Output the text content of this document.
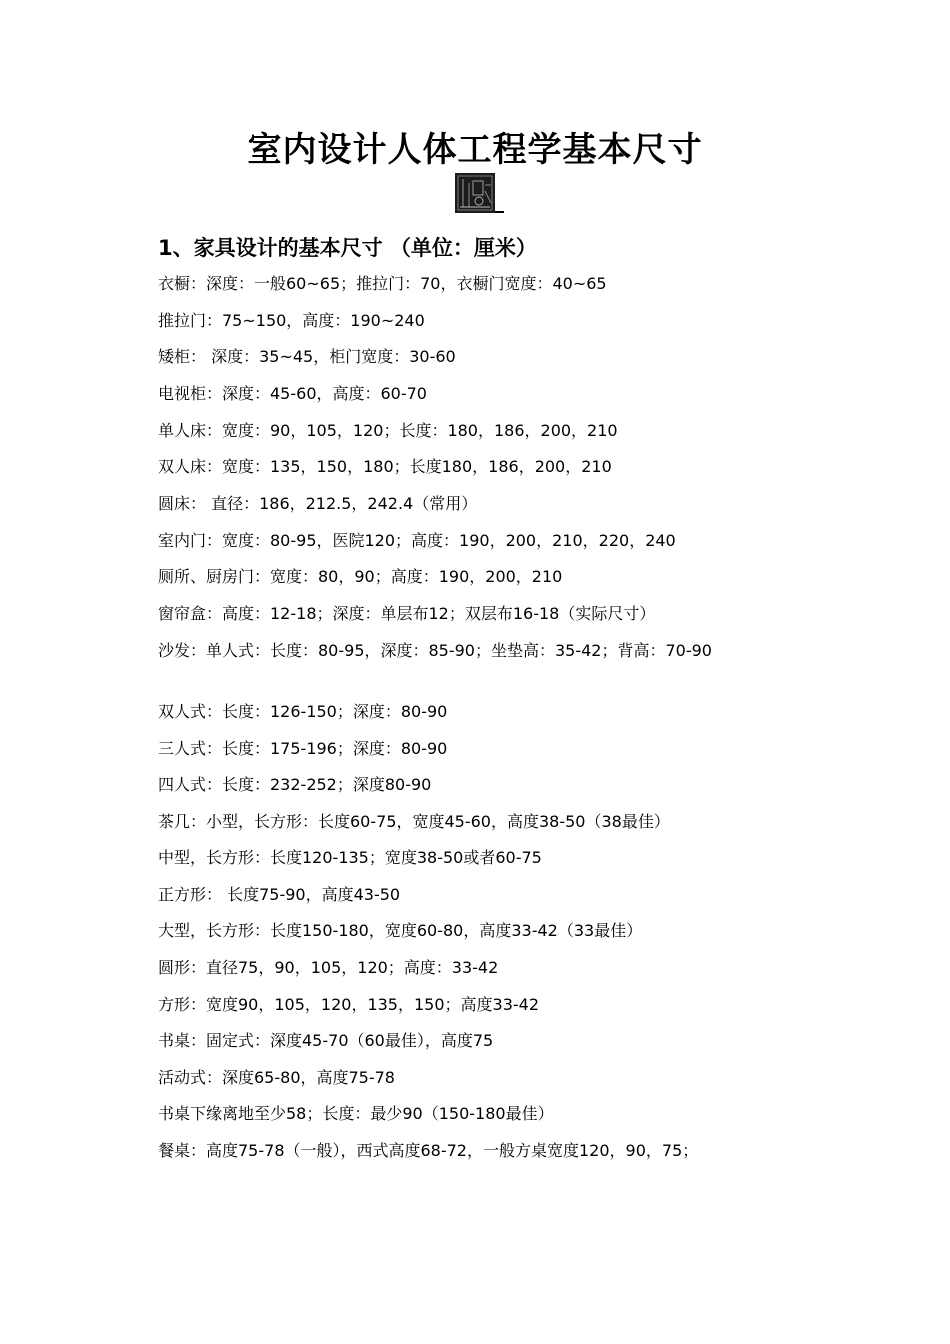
室内设计人体工程学基本尺寸
1、家具设计的基本尺寸 （单位：厘米）
衣橱：深度：一般60~65；推拉门：70，衣橱门宽度：40~65
推拉门：75~150，高度：190~240
矮柜： 深度：35~45，柜门宽度：30-60
电视柜：深度：45-60，高度：60-70
单人床：宽度：90，105，120；长度：180，186，200，210
双人床：宽度：135，150，180；长度180，186，200，210
圆床： 直径：186，212.5，242.4（常用）
室内门：宽度：80-95，医院120；高度：190，200，210，220，240
厕所、厨房门：宽度：80，90；高度：190，200，210
窗帘盒：高度：12-18；深度：单层布12；双层布16-18（实际尺寸）
沙发：单人式：长度：80-95，深度：85-90；坐垫高：35-42；背高：70-90
双人式：长度：126-150；深度：80-90
三人式：长度：175-196；深度：80-90
四人式：长度：232-252；深度80-90
茶几：小型，长方形：长度60-75，宽度45-60，高度38-50（38最佳）
中型，长方形：长度120-135；宽度38-50或者60-75
正方形： 长度75-90，高度43-50
大型，长方形：长度150-180，宽度60-80，高度33-42（33最佳）
圆形：直径75，90，105，120；高度：33-42
方形：宽度90，105，120，135，150；高度33-42
书桌：固定式：深度45-70（60最佳），高度75
活动式：深度65-80，高度75-78
书桌下缘离地至少58；长度：最少90（150-180最佳）
餐桌：高度75-78（一般），西式高度68-72，一般方桌宽度120，90，75；
